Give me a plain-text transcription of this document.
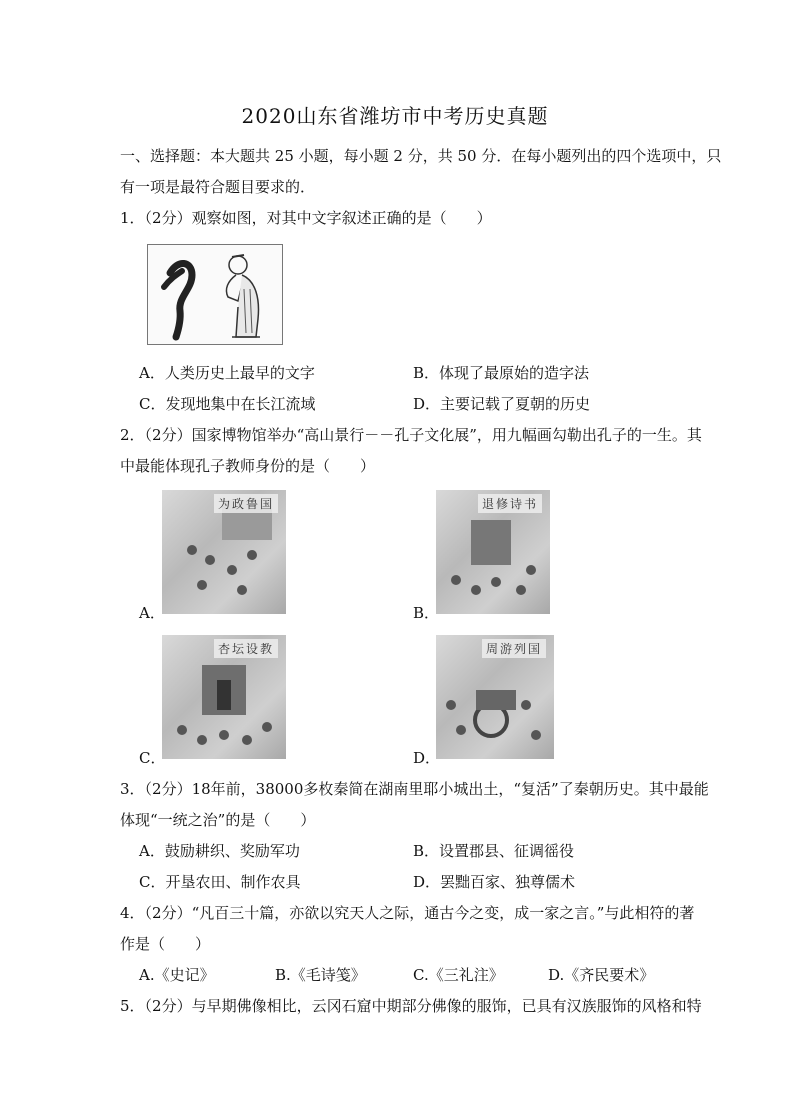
2020山东省潍坊市中考历史真题
一、选择题：本大题共 25 小题，每小题 2 分，共 50 分．在每小题列出的四个选项中，只
有一项是最符合题目要求的．
1．（2分）观察如图，对其中文字叙述正确的是（　　）
A．人类历史上最早的文字	B．体现了最原始的造字法
C．发现地集中在长江流域	D．主要记载了夏朝的历史
2．（2分）国家博物馆举办“高山景行－－孔子文化展”，用九幅画勾勒出孔子的一生。其
中最能体现孔子教师身份的是（　　）
为政鲁国
A．
退修诗书
B．
杏坛设教
C．
周游列国
D．
3．（2分）18年前，38000多枚秦简在湖南里耶小城出土，“复活”了秦朝历史。其中最能
体现“一统之治”的是（　　）
A．鼓励耕织、奖励军功	B．设置郡县、征调徭役
C．开垦农田、制作农具	D．罢黜百家、独尊儒术
4．（2分）“凡百三十篇，亦欲以究天人之际，通古今之变，成一家之言。”与此相符的著
作是（　　）
A.《史记》	B.《毛诗笺》	C.《三礼注》	D.《齐民要术》
5．（2分）与早期佛像相比，云冈石窟中期部分佛像的服饰，已具有汉族服饰的风格和特
